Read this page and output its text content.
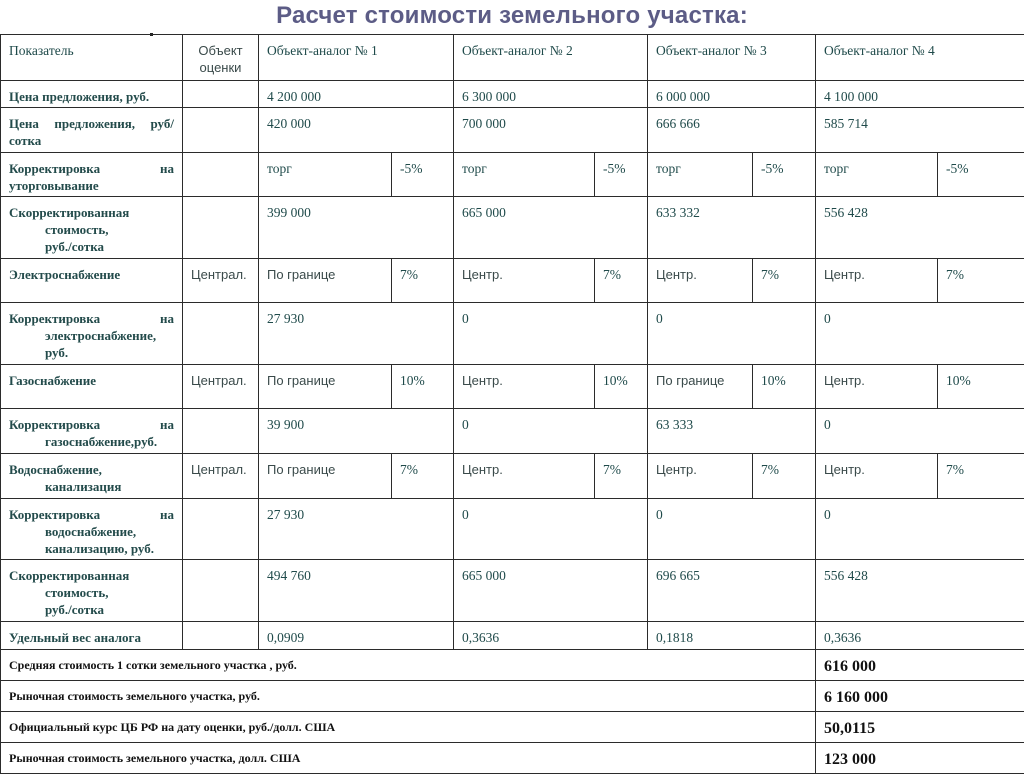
Расчет стоимости земельного участка:
Показатель	Объект оценки	Объект-аналог № 1		Объект-аналог № 2		Объект-аналог № 3		Объект-аналог № 4	
Цена предложения, руб.		4 200 000		6 300 000		6 000 000		4 100 000	
Цена предложения, руб/сотка		420 000		700 000		666 666		585 714	
Корректировка на уторговывание		торг	-5%	торг	-5%	торг	-5%	торг	-5%
Скорректированная
стоимость,
руб./сотка		399 000		665 000		633 332		556 428	
Электроснабжение	Централ.	По границе	7%	Центр.	7%	Центр.	7%	Центр.	7%

Корректировка на
электроснабжение,
руб.		27 930		0		0		0	
Газоснабжение	Централ.	По границе	10%	Центр.	10%	По границе	10%	Центр.	10%

Корректировка на
газоснабжение,руб.		39 900		0		63 333		0	
Водоснабжение,
канализация	Централ.	По границе	7%	Центр.	7%	Центр.	7%	Центр.	7%

Корректировка на
водоснабжение,
канализацию, руб.		27 930		0		0		0	
Скорректированная
стоимость,
руб./сотка		494 760		665 000		696 665		556 428	
Удельный вес аналога		0,0909		0,3636		0,1818		0,3636	
Средняя стоимость 1 сотки земельного участка , руб.								616 000	
Рыночная стоимость земельного участка, руб.								6 160 000	
Официальный курс ЦБ РФ на дату оценки, руб./долл. США								50,0115	
Рыночная стоимость земельного участка, долл. США								123 000	
